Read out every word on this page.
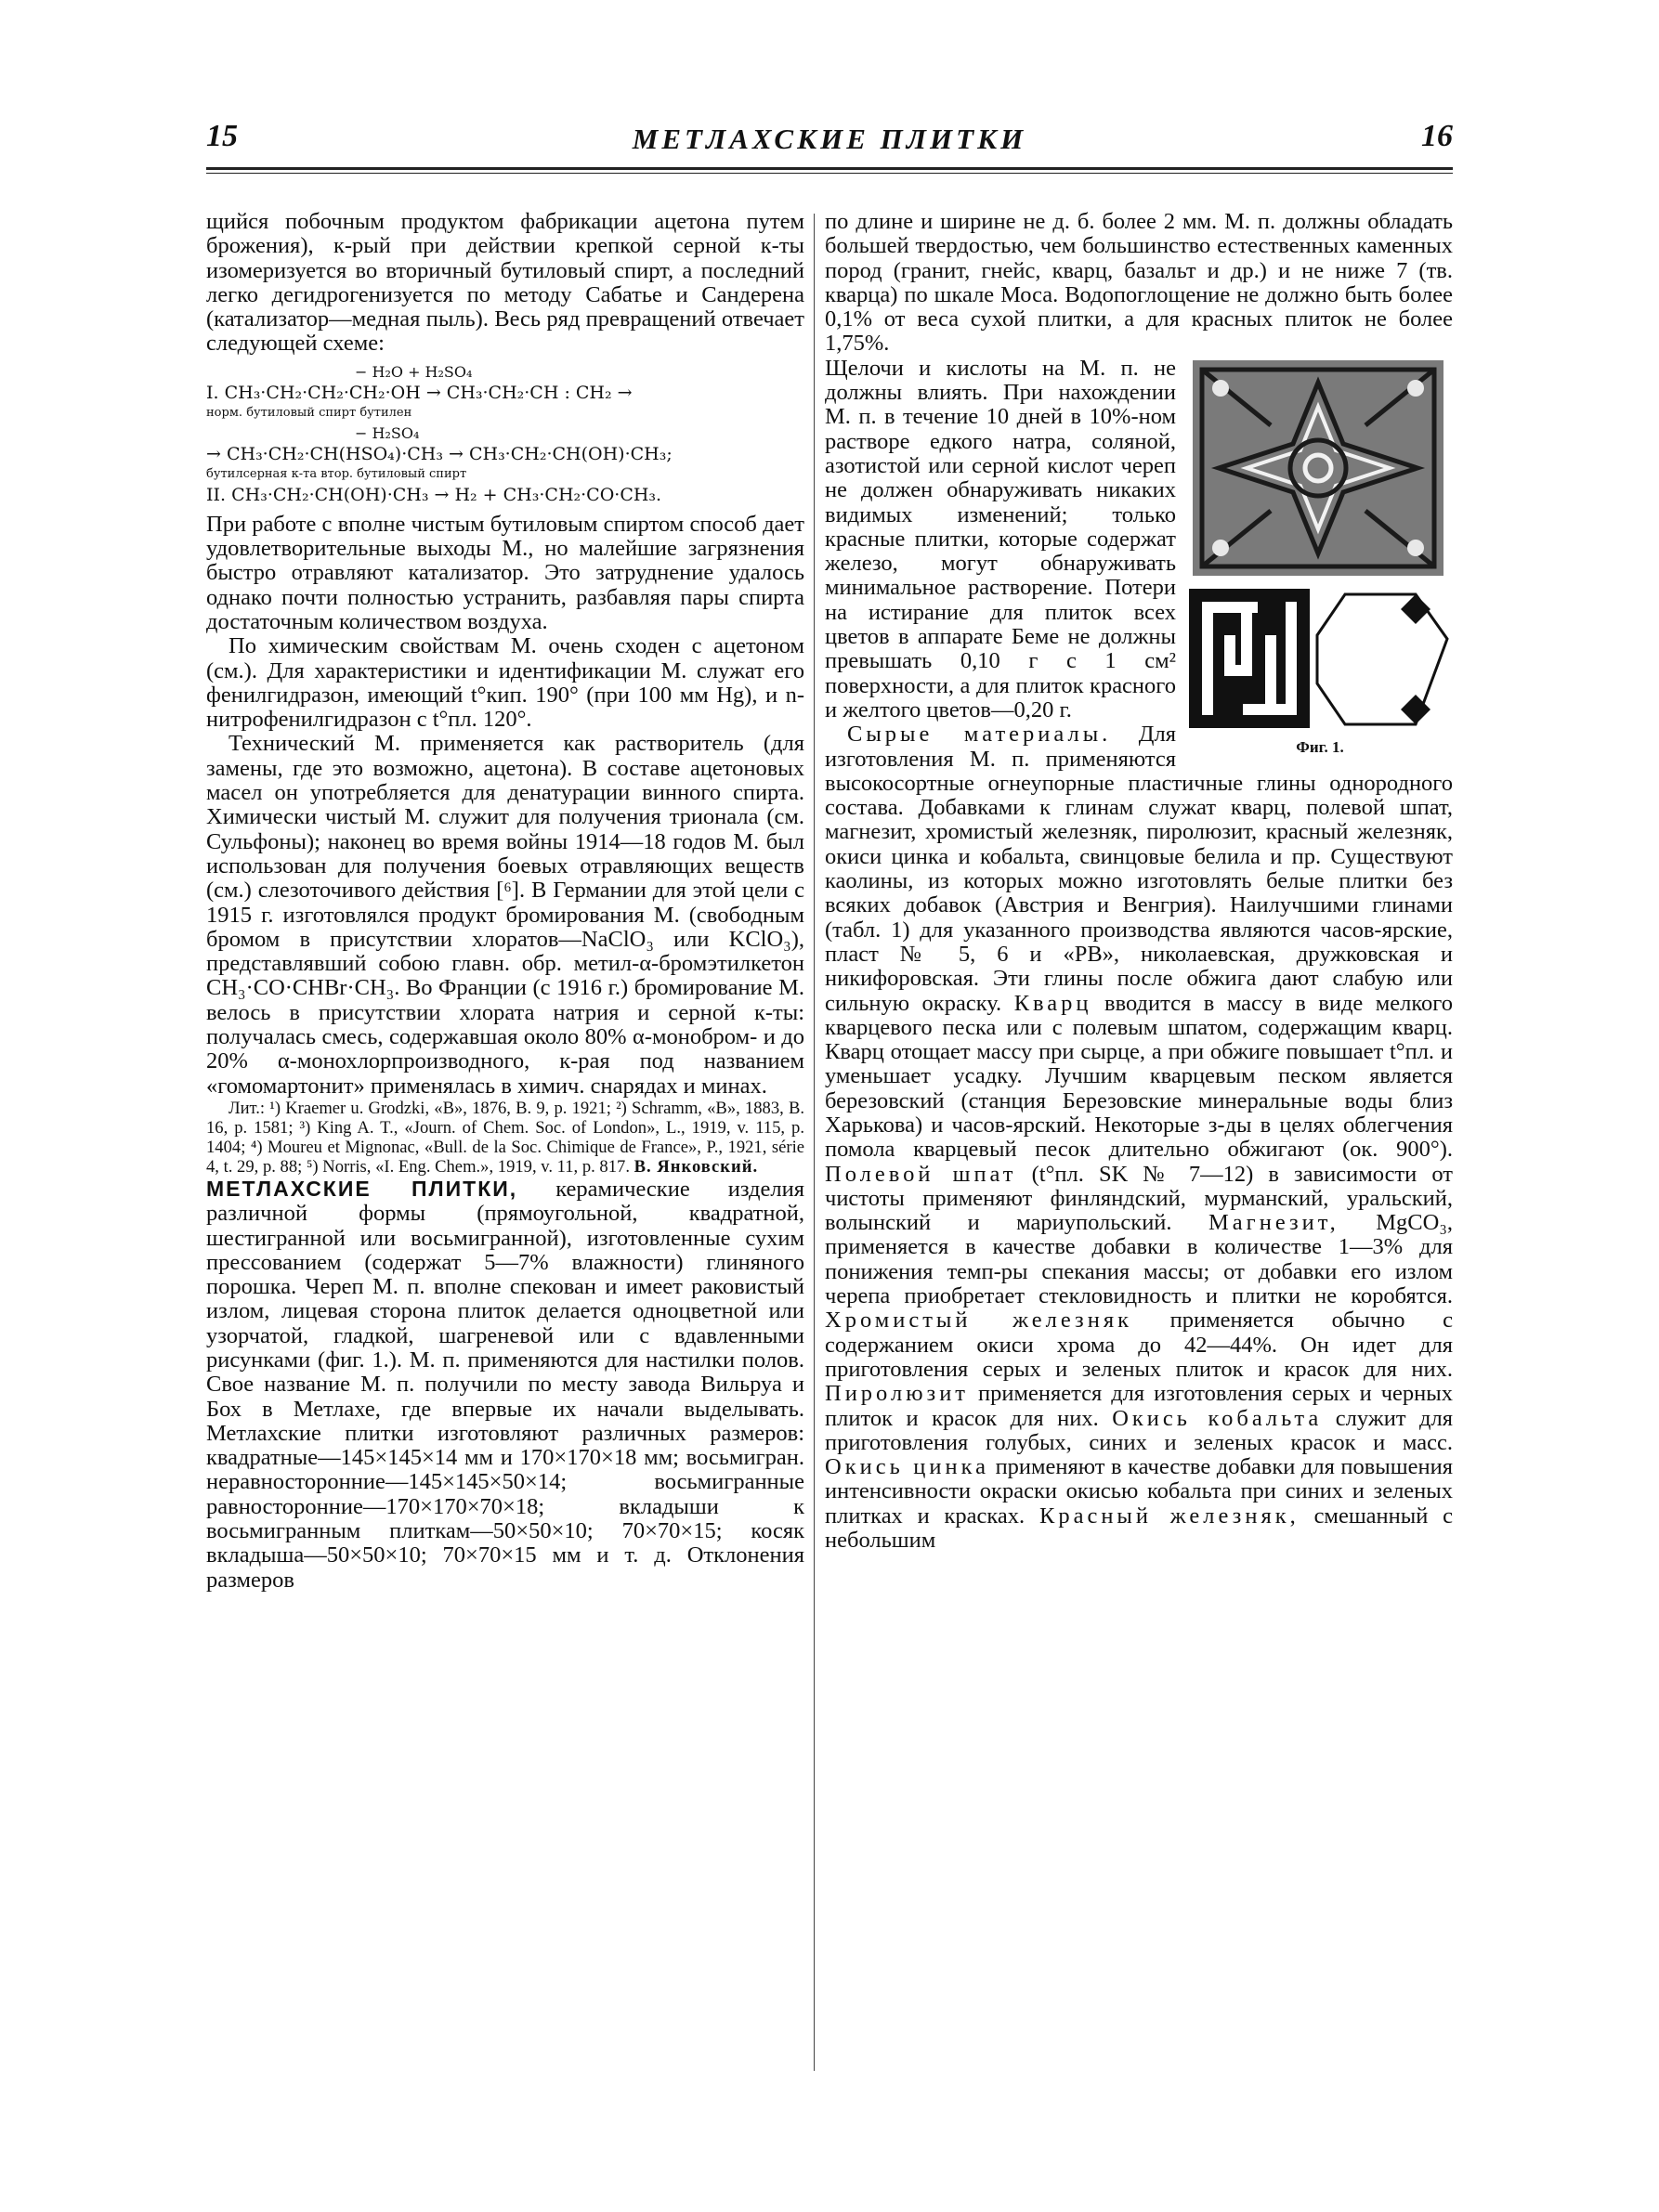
15	МЕТЛАХСКИЕ ПЛИТКИ	16

щийся побочным продуктом фабрикации ацетона путем брожения), к-рый при действии крепкой серной к-ты изомеризуется во вторичный бутиловый спирт, а последний легко дегидрогенизуется по методу Сабатье и Сандерена (катализатор—медная пыль). Весь ряд превращений отвечает следующей схеме:

− H₂O + H₂SO₄
I. CH₃·CH₂·CH₂·CH₂·OH → CH₃·CH₂·CH : CH₂ →
норм. бутиловый спирт бутилен
− H₂SO₄
→ CH₃·CH₂·CH(HSO₄)·CH₃ → CH₃·CH₂·CH(OH)·CH₃;
бутилсерная к-та втор. бутиловый спирт
II. CH₃·CH₂·CH(OH)·CH₃ → H₂ + CH₃·CH₂·CO·CH₃.

При работе с вполне чистым бутиловым спиртом способ дает удовлетворительные выходы М., но малейшие загрязнения быстро отравляют катализатор. Это затруднение удалось однако почти полностью устранить, разбавляя пары спирта достаточным количеством воздуха.

По химическим свойствам М. очень сходен с ацетоном (см.). Для характеристики и идентификации М. служат его фенилгидразон, имеющий t°кип. 190° (при 100 мм Hg), и n-нитрофенилгидразон с t°пл. 120°.

Технический М. применяется как растворитель (для замены, где это возможно, ацетона). В составе ацетоновых масел он употребляется для денатурации винного спирта. Химически чистый М. служит для получения трионала (см. Сульфоны); наконец во время войны 1914—18 годов М. был использован для получения боевых отравляющих веществ (см.) слезоточивого действия [⁶]. В Германии для этой цели с 1915 г. изготовлялся продукт бромирования М. (свободным бромом в присутствии хлоратов—NaClO₃ или KClO₃), представлявший собою главн. обр. метил-α-бромэтилкетон CH₃·CO·CHBr·CH₃. Во Франции (с 1916 г.) бромирование М. велось в присутствии хлората натрия и серной к-ты: получалась смесь, содержавшая около 80% α-монобром- и до 20% α-монохлорпроизводного, к-рая под названием «гомомартонит» применялась в химич. снарядах и минах.

Лит.: ¹) Kraemer u. Grodzki, «B», 1876, B. 9, p. 1921; ²) Schramm, «B», 1883, B. 16, p. 1581; ³) King A. T., «Journ. of Chem. Soc. of London», L., 1919, v. 115, p. 1404; ⁴) Moureu et Mignonac, «Bull. de la Soc. Chimique de France», P., 1921, série 4, t. 29, p. 88; ⁵) Norris, «I. Eng. Chem.», 1919, v. 11, p. 817. В. Янковский.

МЕТЛАХСКИЕ ПЛИТКИ, керамические изделия различной формы (прямоугольной, квадратной, шестигранной или восьмигранной), изготовленные сухим прессованием (содержат 5—7% влажности) глиняного порошка. Череп М. п. вполне спекован и имеет раковистый излом, лицевая сторона плиток делается одноцветной или узорчатой, гладкой, шагреневой или с вдавленными рисунками (фиг. 1.). М. п. применяются для настилки полов. Свое название М. п. получили по месту завода Вильруа и Бох в Метлахе, где впервые их начали выделывать. Метлахские плитки изготовляют различных размеров: квадратные—145×145×14 мм и 170×170×18 мм; восьмигран. неравносторонние—145×145×50×14; восьмигранные равносторонние—170×170×70×18; вкладыши к восьмигранным плиткам—50×50×10; 70×70×15; косяк вкладыша—50×50×10; 70×70×15 мм и т. д. Отклонения размеров

по длине и ширине не д. б. более 2 мм. М. п. должны обладать большей твердостью, чем большинство естественных каменных пород (гранит, гнейс, кварц, базальт и др.) и не ниже 7 (тв. кварца) по шкале Моса. Водопоглощение не должно быть более 0,1% от веса сухой плитки, а для красных плиток не более 1,75%.

Фиг. 1.

Щелочи и кислоты на М. п. не должны влиять. При нахождении М. п. в течение 10 дней в 10%-ном растворе едкого натра, соляной, азотистой или серной кислот череп не должен обнаруживать никаких видимых изменений; только красные плитки, которые содержат железо, могут обнаруживать минимальное растворение. Потери на истирание для плиток всех цветов в аппарате Беме не должны превышать 0,10 г с 1 см² поверхности, а для плиток красного и желтого цветов—0,20 г.

Сырые материалы. Для изготовления М. п. применяются высокосортные огнеупорные пластичные глины однородного состава. Добавками к глинам служат кварц, полевой шпат, магнезит, хромистый железняк, пиролюзит, красный железняк, окиси цинка и кобальта, свинцовые белила и пр. Существуют каолины, из которых можно изготовлять белые плитки без всяких добавок (Австрия и Венгрия). Наилучшими глинами (табл. 1) для указанного производства являются часов-ярские, пласт № 5, 6 и «РВ», николаевская, дружковская и никифоровская. Эти глины после обжига дают слабую или сильную окраску. Кварц вводится в массу в виде мелкого кварцевого песка или с полевым шпатом, содержащим кварц. Кварц отощает массу при сырце, а при обжиге повышает t°пл. и уменьшает усадку. Лучшим кварцевым песком является березовский (станция Березовские минеральные воды близ Харькова) и часов-ярский. Некоторые з-ды в целях облегчения помола кварцевый песок длительно обжигают (ок. 900°). Полевой шпат (t°пл. SK № 7—12) в зависимости от чистоты применяют финляндский, мурманский, уральский, волынский и мариупольский. Магнезит, MgCO₃, применяется в качестве добавки в количестве 1—3% для понижения темп-ры спекания массы; от добавки его излом черепа приобретает стекловидность и плитки не коробятся. Хромистый железняк применяется обычно с содержанием окиси хрома до 42—44%. Он идет для приготовления серых и зеленых плиток и красок для них. Пиролюзит применяется для изготовления серых и черных плиток и красок для них. Окись кобальта служит для приготовления голубых, синих и зеленых красок и масс. Окись цинка применяют в качестве добавки для повышения интенсивности окраски окисью кобальта при синих и зеленых плитках и красках. Красный железняк, смешанный с небольшим
